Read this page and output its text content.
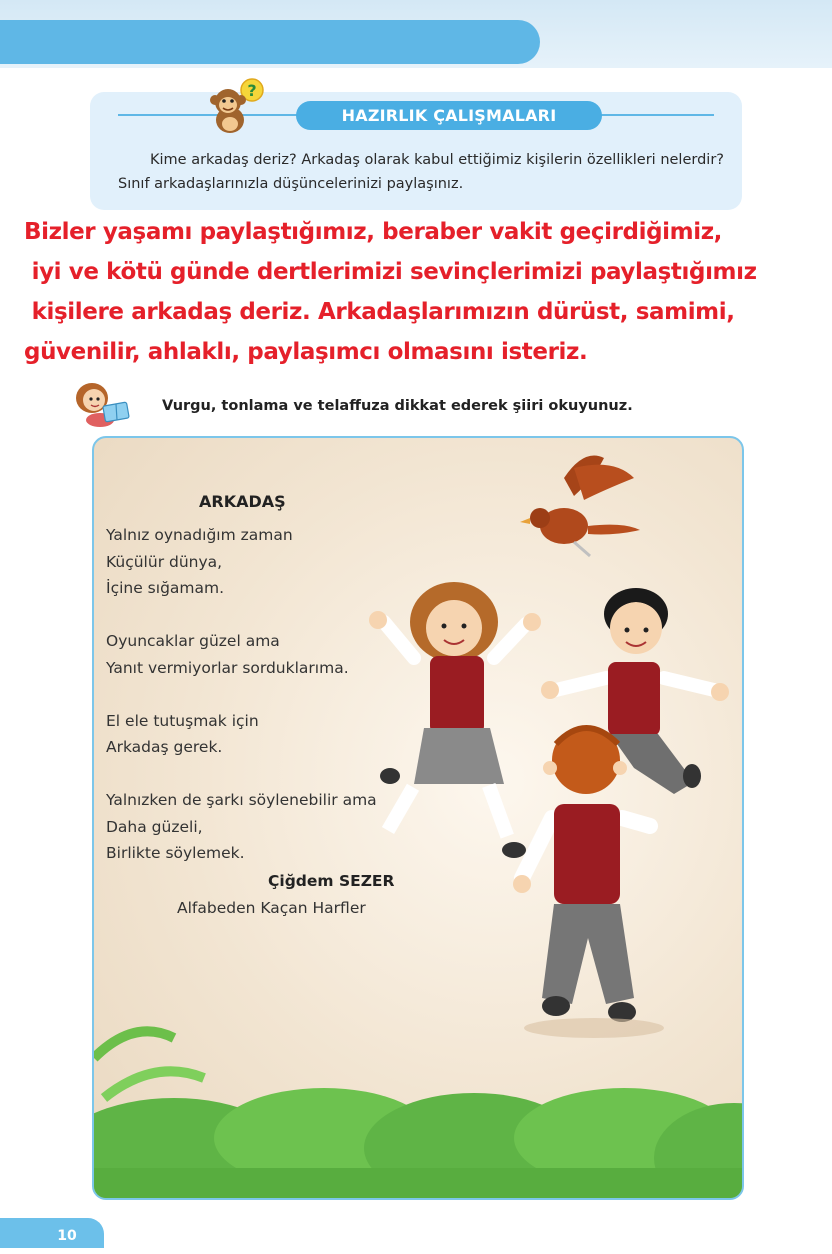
HAZIRLIK ÇALIŞMALARI

Kime arkadaş deriz? Arkadaş olarak kabul ettiğimiz kişilerin özellikleri nelerdir? Sınıf arkadaşlarınızla düşüncelerinizi paylaşınız.

?
Bizler yaşamı paylaştığımız, beraber vakit geçirdiğimiz,
iyi ve kötü günde dertlerimizi sevinçlerimizi paylaştığımız
kişilere arkadaş deriz. Arkadaşlarımızın dürüst, samimi,
güvenilir, ahlaklı, paylaşımcı olmasını isteriz.

Vurgu, tonlama ve telaffuza dikkat ederek şiiri okuyunuz.

ARKADAŞ
Yalnız oynadığım zaman
Küçülür dünya,
İçine sığamam.
Oyuncaklar güzel ama
Yanıt vermiyorlar sorduklarıma.
El ele tutuşmak için
Arkadaş gerek.
Yalnızken de şarkı söylenebilir ama
Daha güzeli,
Birlikte söylemek.
Çiğdem SEZER
Alfabeden Kaçan Harfler
10
